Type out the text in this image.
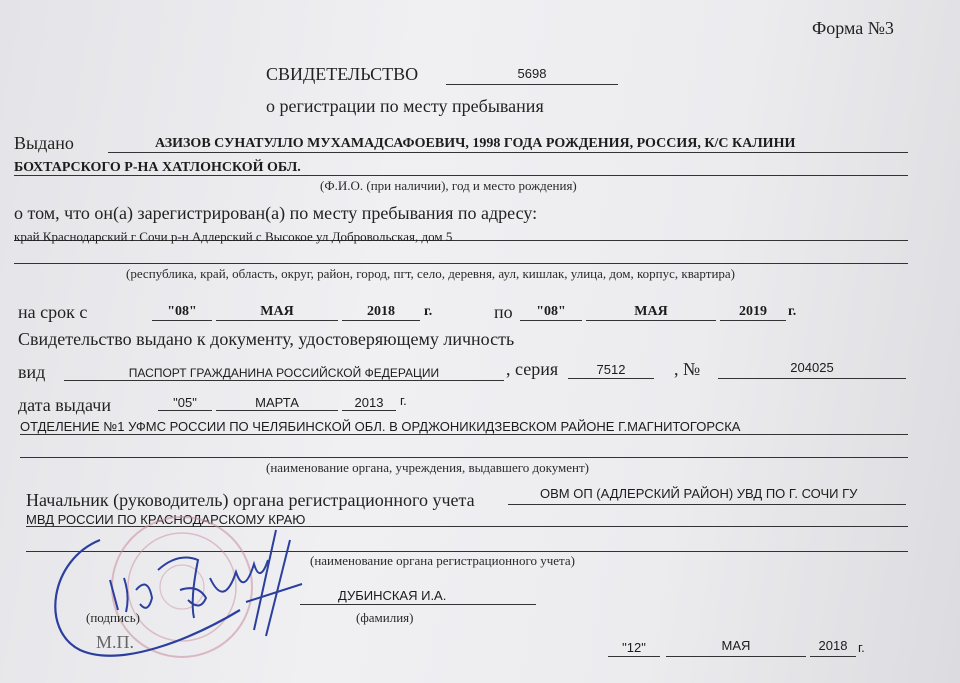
Форма №3
СВИДЕТЕЛЬСТВО	5698
о регистрации по месту пребывания
Выдано	АЗИЗОВ СУНАТУЛЛО МУХАМАДСАФОЕВИЧ, 1998 ГОДА РОЖДЕНИЯ, РОССИЯ, К/С КАЛИНИ
БОХТАРСКОГО Р-НА ХАТЛОНСКОЙ ОБЛ.
(Ф.И.О. (при наличии), год и место рождения)
о том, что он(а) зарегистрирован(а) по месту пребывания по адресу:
край Краснодарский г Сочи р-н Адлерский с Высокое ул Добровольская, дом 5
(республика, край, область, округ, район, город, пгт, село, деревня, аул, кишлак, улица, дом, корпус, квартира)
на срок с	"08"	МАЯ	2018	г.	по	"08"	МАЯ	2019	г.
Свидетельство выдано к документу, удостоверяющему личность
вид	ПАСПОРТ ГРАЖДАНИНА РОССИЙСКОЙ ФЕДЕРАЦИИ	, серия	7512	, №	204025
дата выдачи	"05"	МАРТА	2013	г.
ОТДЕЛЕНИЕ №1 УФМС РОССИИ ПО ЧЕЛЯБИНСКОЙ ОБЛ. В ОРДЖОНИКИДЗЕВСКОМ РАЙОНЕ Г.МАГНИТОГОРСКА
(наименование органа, учреждения, выдавшего документ)
Начальник (руководитель) органа регистрационного учета	ОВМ ОП (АДЛЕРСКИЙ РАЙОН) УВД ПО Г. СОЧИ ГУ
МВД РОССИИ ПО КРАСНОДАРСКОМУ КРАЮ
(наименование органа регистрационного учета)
ДУБИНСКАЯ И.А.
(подпись)	(фамилия)
М.П.	"12"	МАЯ	2018 г.
